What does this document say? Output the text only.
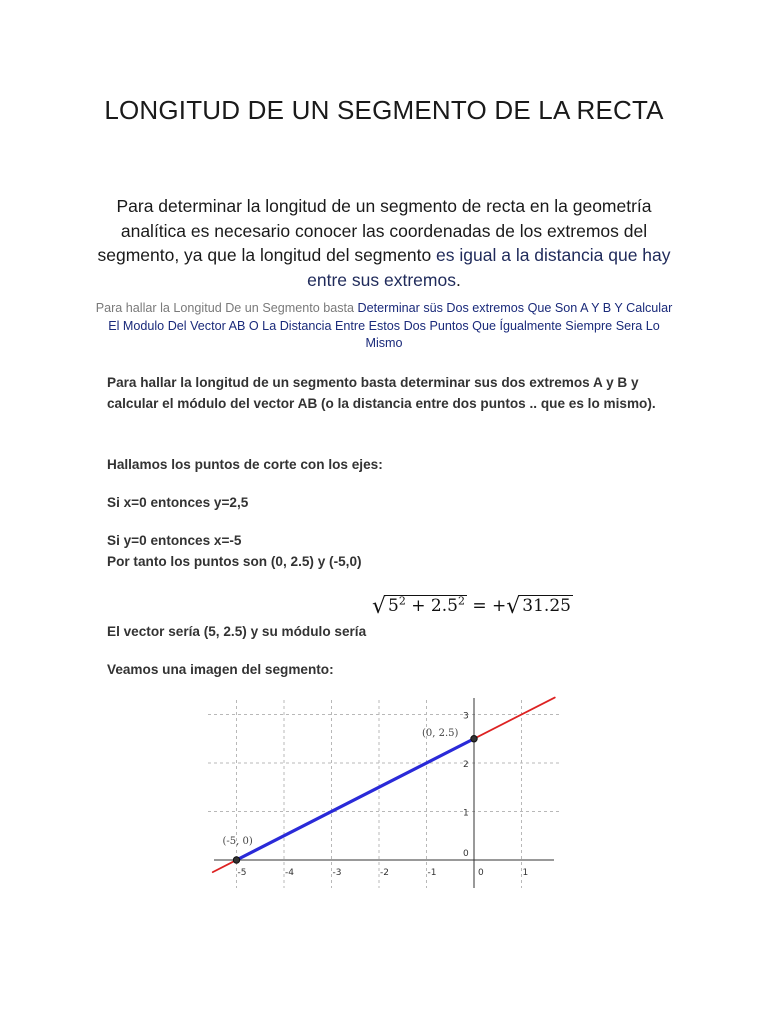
LONGITUD DE UN SEGMENTO DE LA RECTA

Para determinar la longitud de un segmento de recta en la geometría analítica es necesario conocer las coordenadas de los extremos del segmento, ya que la longitud del segmento es igual a la distancia que hay entre sus extremos.

Para hallar la Longitud De un Segmento basta Determinar süs Dos extremos Que Son A Y B Y Calcular El Modulo Del Vector AB O La Distancia Entre Estos Dos Puntos Que Ígualmente Siempre Sera Lo Mismo

Para hallar la longitud de un segmento basta determinar sus dos extremos A y B y calcular el módulo del vector AB (o la distancia entre dos puntos .. que es lo mismo).

Hallamos los puntos de corte con los ejes:

Si x=0 entonces y=2,5

Si y=0 entonces x=-5

Por tanto los puntos son (0, 2.5) y (-5,0)

√ $5^2 + 2.5^2$ = +√ 31.25

El vector sería (5, 2.5) y su módulo sería

Veamos una imagen del segmento:

-5	-4	-3	-2	-1	0	1
0
1
2
3
(-5, 0)
(0, 2.5)
